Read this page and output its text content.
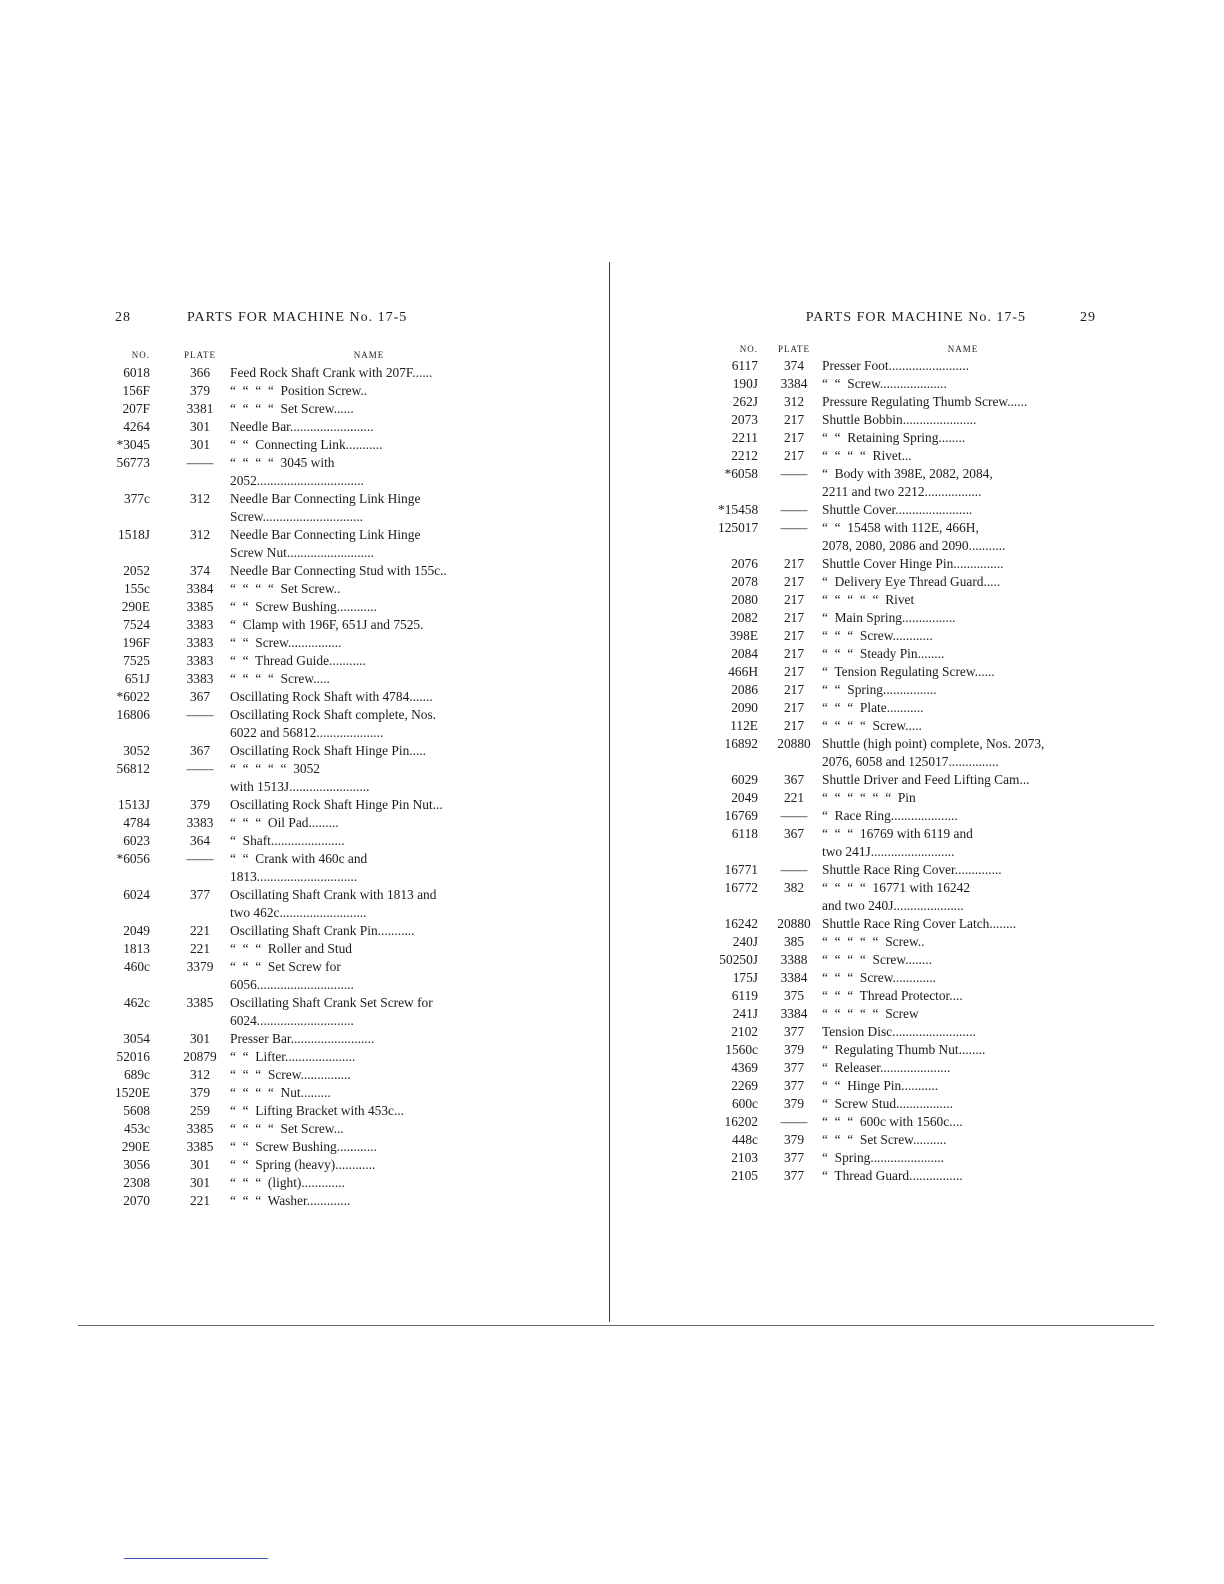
28	PARTS FOR MACHINE No. 17-5
NO.	PLATE	NAME
6018	366	Feed Rock Shaft Crank with 207F......
156F	379	“  “  “  “  Position Screw..
207F	3381	“  “  “  “  Set Screw......
4264	301	Needle Bar.........................
*3045	301	“  “  Connecting Link...........
56773	——	“  “  “  “  3045 with
2052................................
377c	312	Needle Bar Connecting Link Hinge
Screw..............................
1518J	312	Needle Bar Connecting Link Hinge
Screw Nut..........................
2052	374	Needle Bar Connecting Stud with 155c..
155c	3384	“  “  “  “  Set Screw..
290E	3385	“  “  Screw Bushing............
7524	3383	“  Clamp with 196F, 651J and 7525.
196F	3383	“  “  Screw................
7525	3383	“  “  Thread Guide...........
651J	3383	“  “  “  “  Screw.....
*6022	367	Oscillating Rock Shaft with 4784.......
16806	——	Oscillating Rock Shaft complete, Nos.
6022 and 56812....................
3052	367	Oscillating Rock Shaft Hinge Pin.....
56812	——	“  “  “  “  “  3052
with 1513J........................
1513J	379	Oscillating Rock Shaft Hinge Pin Nut...
4784	3383	“  “  “  Oil Pad.........
6023	364	“  Shaft......................
*6056	——	“  “  Crank with 460c and
1813..............................
6024	377	Oscillating Shaft Crank with 1813 and
two 462c..........................
2049	221	Oscillating Shaft Crank Pin...........
1813	221	“  “  “  Roller and Stud
460c	3379	“  “  “  Set Screw for
6056.............................
462c	3385	Oscillating Shaft Crank Set Screw for
6024.............................
3054	301	Presser Bar.........................
52016	20879 “  “  Lifter.....................
689c	312	“  “  “  Screw...............
1520E	379	“  “  “  “  Nut.........
5608	259	“  “  Lifting Bracket with 453c...
453c	3385	“  “  “  “  Set Screw...
290E	3385	“  “  Screw Bushing............
3056	301	“  “  Spring (heavy)............
2308	301	“  “  “  (light).............
2070	221	“  “  “  Washer.............
PARTS FOR MACHINE No. 17-5	29
NO.	PLATE	NAME
6117	374	Presser Foot........................
190J	3384	“  “  Screw....................
262J	312	Pressure Regulating Thumb Screw......
2073	217	Shuttle Bobbin......................
2211	217	“  “  Retaining Spring........
2212	217	“  “  “  “  Rivet...
*6058	——	“  Body with 398E, 2082, 2084,
2211 and two 2212.................
*15458	——	Shuttle Cover.......................
125017	——	“  “  15458 with 112E, 466H,
2078, 2080, 2086 and 2090...........
2076	217	Shuttle Cover Hinge Pin...............
2078	217	“  Delivery Eye Thread Guard.....
2080	217	“  “  “  “  “  Rivet
2082	217	“  Main Spring................
398E	217	“  “  “  Screw............
2084	217	“  “  “  Steady Pin........
466H	217	“  Tension Regulating Screw......
2086	217	“  “  Spring................
2090	217	“  “  “  Plate...........
112E	217	“  “  “  “  Screw.....
16892	20880 Shuttle (high point) complete, Nos. 2073,
2076, 6058 and 125017...............
6029	367	Shuttle Driver and Feed Lifting Cam...
2049	221	“  “  “  “  “  “  Pin
16769	——	“  Race Ring....................
6118	367	“  “  “  16769 with 6119 and
two 241J.........................
16771	——	Shuttle Race Ring Cover..............
16772	382	“  “  “  “  16771 with 16242
and two 240J.....................
16242	20880 Shuttle Race Ring Cover Latch........
240J	385	“  “  “  “  “  Screw..
50250J	3388	“  “  “  “  Screw........
175J	3384	“  “  “  Screw.............
6119	375	“  “  “  Thread Protector....
241J	3384	“  “  “  “  “  Screw
2102	377	Tension Disc.........................
1560c	379	“  Regulating Thumb Nut........
4369	377	“  Releaser.....................
2269	377	“  “  Hinge Pin...........
600c	379	“  Screw Stud.................
16202	——	“  “  “  600c with 1560c....
448c	379	“  “  “  Set Screw..........
2103	377	“  Spring......................
2105	377	“  Thread Guard................
